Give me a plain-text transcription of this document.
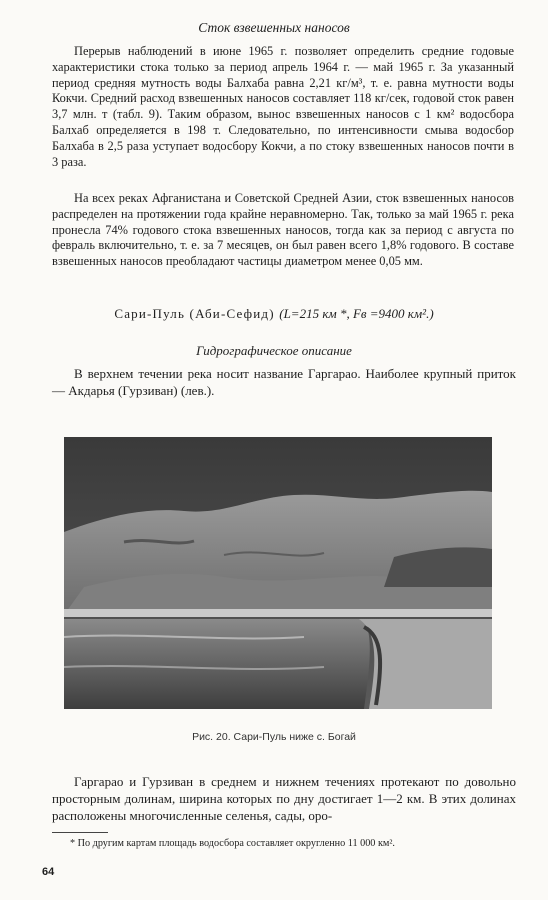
Сток взвешенных наносов

Перерыв наблюдений в июне 1965 г. позволяет определить средние годовые характеристики стока только за период апрель 1964 г. — май 1965 г. За указанный период средняя мутность воды Балхаба равна 2,21 кг/м³, т. е. равна мутности воды Кокчи. Средний расход взвешенных наносов составляет 118 кг/сек, годовой сток равен 3,7 млн. т (табл. 9). Таким образом, вынос взвешенных наносов с 1 км² водосбора Балхаб определяется в 198 т. Следовательно, по интенсивности смыва водосбор Балхаба в 2,5 раза уступает водосбору Кокчи, а по стоку взвешенных наносов почти в 3 раза.

На всех реках Афганистана и Советской Средней Азии, сток взвешенных наносов распределен на протяжении года крайне неравномерно. Так, только за май 1965 г. река пронесла 74% годового стока взвешенных наносов, тогда как за период с августа по февраль включительно, т. е. за 7 месяцев, он был равен всего 1,8% годового. В составе взвешенных наносов преобладают частицы диаметром менее 0,05 мм.

Сари-Пуль (Аби-Сефид) (L=215 км *, Fв =9400 км².)
Гидрографическое описание

В верхнем течении река носит название Гаргарао. Наиболее крупный приток — Акдарья (Гурзиван) (лев.).

Рис. 20. Сари-Пуль ниже с. Богай

Гаргарао и Гурзиван в среднем и нижнем течениях протекают по довольно просторным долинам, ширина которых по дну достигает 1—2 км. В этих долинах расположены многочисленные селенья, сады, оро-

* По другим картам площадь водосбора составляет округленно 11 000 км².

64
